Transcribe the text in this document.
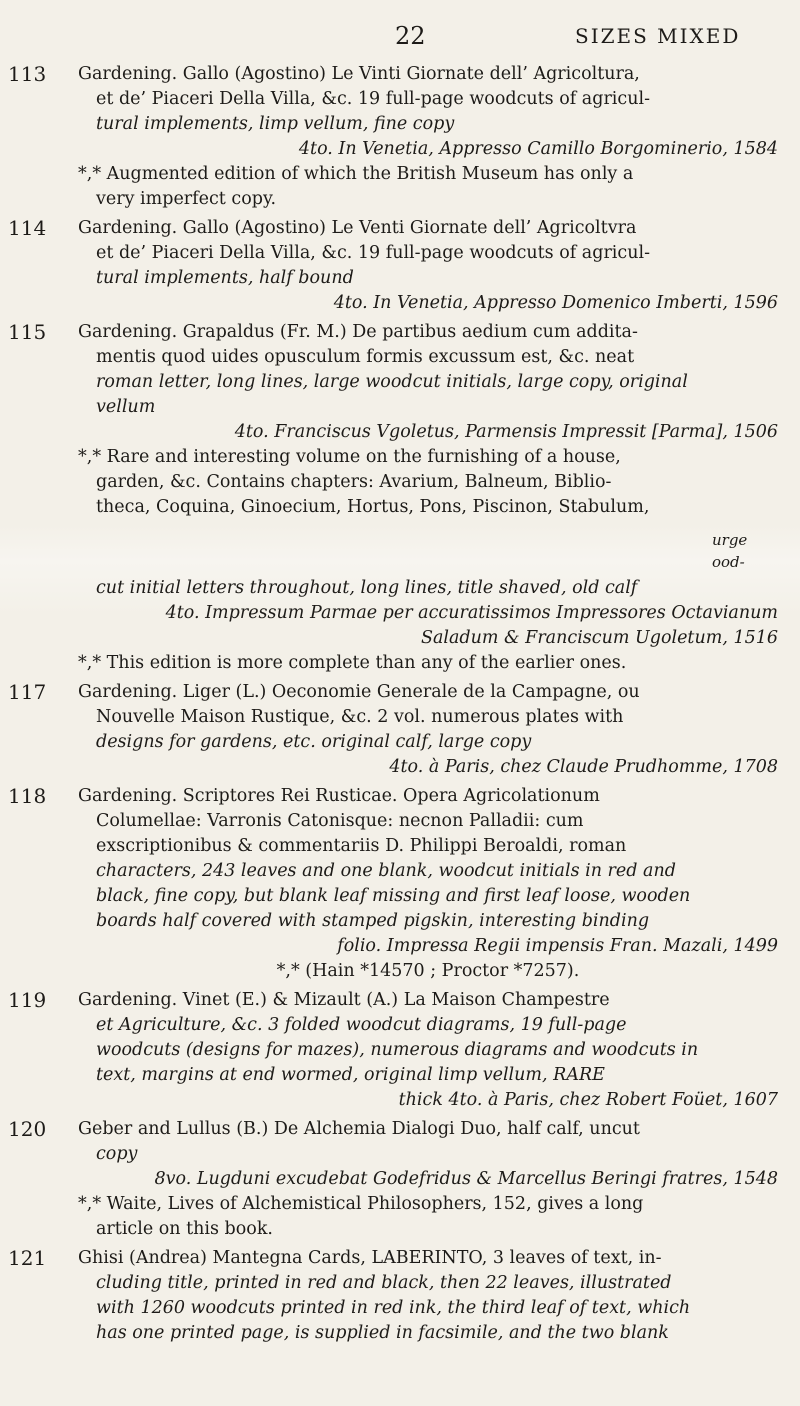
22	SIZES MIXED
113 Gardening. Gallo (Agostino) Le Vinti Giornate dell’ Agricoltura,
et de’ Piaceri Della Villa, &c. 19 full-page woodcuts of agricul-
tural implements, limp vellum, fine copy
4to. In Venetia, Appresso Camillo Borgominerio, 1584
*,* Augmented edition of which the British Museum has only a
very imperfect copy.
114 Gardening. Gallo (Agostino) Le Venti Giornate dell’ Agricoltvra
et de’ Piaceri Della Villa, &c. 19 full-page woodcuts of agricul-
tural implements, half bound
4to. In Venetia, Appresso Domenico Imberti, 1596
115 Gardening. Grapaldus (Fr. M.) De partibus aedium cum addita-
mentis quod uides opusculum formis excussum est, &c. neat
roman letter, long lines, large woodcut initials, large copy, original
vellum
4to. Franciscus Vgoletus, Parmensis Impressit [Parma], 1506
*,* Rare and interesting volume on the furnishing of a house,
garden, &c. Contains chapters: Avarium, Balneum, Biblio-
theca, Coquina, Ginoecium, Hortus, Pons, Piscinon, Stabulum,
urge
ood-
cut initial letters throughout, long lines, title shaved, old calf
4to. Impressum Parmae per accuratissimos Impressores Octavianum
Saladum & Franciscum Ugoletum, 1516
*,* This edition is more complete than any of the earlier ones.
117 Gardening. Liger (L.) Oeconomie Generale de la Campagne, ou
Nouvelle Maison Rustique, &c. 2 vol. numerous plates with
designs for gardens, etc. original calf, large copy
4to. à Paris, chez Claude Prudhomme, 1708
118 Gardening. Scriptores Rei Rusticae. Opera Agricolationum
Columellae: Varronis Catonisque: necnon Palladii: cum
exscriptionibus & commentariis D. Philippi Beroaldi, roman
characters, 243 leaves and one blank, woodcut initials in red and
black, fine copy, but blank leaf missing and first leaf loose, wooden
boards half covered with stamped pigskin, interesting binding
folio. Impressa Regii impensis Fran. Mazali, 1499
*,* (Hain *14570 ; Proctor *7257).
119 Gardening. Vinet (E.) & Mizault (A.) La Maison Champestre
et Agriculture, &c. 3 folded woodcut diagrams, 19 full-page
woodcuts (designs for mazes), numerous diagrams and woodcuts in
text, margins at end wormed, original limp vellum, RARE
thick 4to. à Paris, chez Robert Foüet, 1607
120 Geber and Lullus (B.) De Alchemia Dialogi Duo, half calf, uncut
copy
8vo. Lugduni excudebat Godefridus & Marcellus Beringi fratres, 1548
*,* Waite, Lives of Alchemistical Philosophers, 152, gives a long
article on this book.
121 Ghisi (Andrea) Mantegna Cards, LABERINTO, 3 leaves of text, in-
cluding title, printed in red and black, then 22 leaves, illustrated
with 1260 woodcuts printed in red ink, the third leaf of text, which
has one printed page, is supplied in facsimile, and the two blank
